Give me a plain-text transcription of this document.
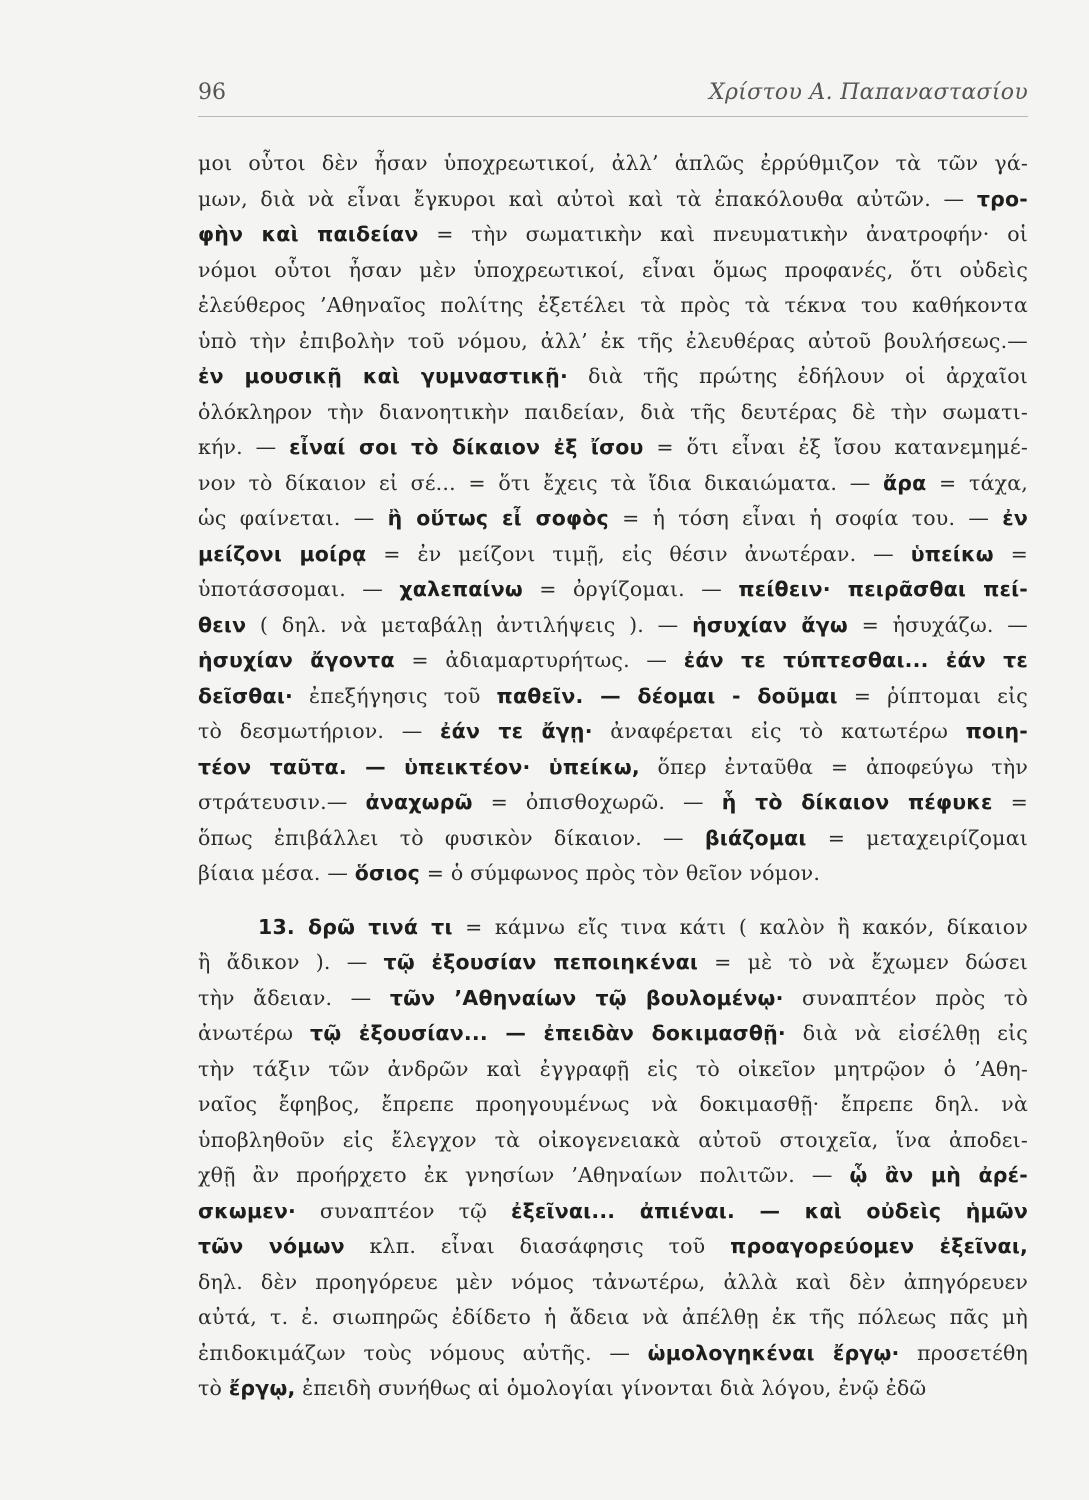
96	Χρίστου Α. Παπαναστασίου
μοι οὗτοι δὲν ἦσαν ὑποχρεωτικοί, ἀλλ’ ἁπλῶς ἐρρύθμιζον τὰ τῶν γά-
μων, διὰ νὰ εἶναι ἔγκυροι καὶ αὐτοὶ καὶ τὰ ἐπακόλουθα αὐτῶν. — τρο-
φὴν καὶ παιδείαν = τὴν σωματικὴν καὶ πνευματικὴν ἀνατροφήν· οἱ
νόμοι οὗτοι ἦσαν μὲν ὑποχρεωτικοί, εἶναι ὅμως προφανές, ὅτι οὐδεὶς
ἐλεύθερος ’Αθηναῖος πολίτης ἐξετέλει τὰ πρὸς τὰ τέκνα του καθήκοντα
ὑπὸ τὴν ἐπιβολὴν τοῦ νόμου, ἀλλ’ ἐκ τῆς ἐλευθέρας αὐτοῦ βουλήσεως.—
ἐν μουσικῇ καὶ γυμναστικῇ· διὰ τῆς πρώτης ἐδήλουν οἱ ἀρχαῖοι
ὁλόκληρον τὴν διανοητικὴν παιδείαν, διὰ τῆς δευτέρας δὲ τὴν σωματι-
κήν. — εἶναί σοι τὸ δίκαιον ἐξ ἴσου = ὅτι εἶναι ἐξ ἴσου κατανεμημέ-
νον τὸ δίκαιον εἰ σέ... = ὅτι ἔχεις τὰ ἴδια δικαιώματα. — ἄρα = τάχα,
ὡς φαίνεται. — ἢ οὕτως εἶ σοφὸς = ἡ τόση εἶναι ἡ σοφία του. — ἐν
μείζονι μοίρᾳ = ἐν μείζονι τιμῇ, εἰς θέσιν ἀνωτέραν. — ὑπείκω =
ὑποτάσσομαι. — χαλεπαίνω = ὀργίζομαι. — πείθειν· πειρᾶσθαι πεί-
θειν ( δηλ. νὰ μεταβάλῃ ἀντιλήψεις ). — ἡσυχίαν ἄγω = ἡσυχάζω. —
ἡσυχίαν ἄγοντα = ἀδιαμαρτυρήτως. — ἐάν τε τύπτεσθαι... ἐάν τε
δεῖσθαι· ἐπεξήγησις τοῦ παθεῖν. — δέομαι - δοῦμαι = ῥίπτομαι εἰς
τὸ δεσμωτήριον. — ἐάν τε ἄγῃ· ἀναφέρεται εἰς τὸ κατωτέρω ποιη-
τέον ταῦτα. — ὑπεικτέον· ὑπείκω, ὅπερ ἐνταῦθα = ἀποφεύγω τὴν
στράτευσιν.— ἀναχωρῶ = ὀπισθοχωρῶ. — ἧ τὸ δίκαιον πέφυκε =
ὅπως ἐπιβάλλει τὸ φυσικὸν δίκαιον. — βιάζομαι = μεταχειρίζομαι
βίαια μέσα. — ὅσιος = ὁ σύμφωνος πρὸς τὸν θεῖον νόμον.
13. δρῶ τινά τι = κάμνω εἴς τινα κάτι ( καλὸν ἢ κακόν, δίκαιον
ἢ ἄδικον ). — τῷ ἐξουσίαν πεποιηκέναι = μὲ τὸ νὰ ἔχωμεν δώσει
τὴν ἄδειαν. — τῶν ’Αθηναίων τῷ βουλομένῳ· συναπτέον πρὸς τὸ
ἀνωτέρω τῷ ἐξουσίαν... — ἐπειδὰν δοκιμασθῇ· διὰ νὰ εἰσέλθῃ εἰς
τὴν τάξιν τῶν ἀνδρῶν καὶ ἐγγραφῇ εἰς τὸ οἰκεῖον μητρῷον ὁ ’Αθη-
ναῖος ἔφηβος, ἔπρεπε προηγουμένως νὰ δοκιμασθῇ· ἔπρεπε δηλ. νὰ
ὑποβληθοῦν εἰς ἔλεγχον τὰ οἰκογενειακὰ αὐτοῦ στοιχεῖα, ἵνα ἀποδει-
χθῇ ἂν προήρχετο ἐκ γνησίων ’Αθηναίων πολιτῶν. — ᾧ ἂν μὴ ἀρέ-
σκωμεν· συναπτέον τῷ ἐξεῖναι... ἀπιέναι. — καὶ οὐδεὶς ἡμῶν
τῶν νόμων κλπ. εἶναι διασάφησις τοῦ προαγορεύομεν ἐξεῖναι,
δηλ. δὲν προηγόρευε μὲν νόμος τἀνωτέρω, ἀλλὰ καὶ δὲν ἀπηγόρευεν
αὐτά, τ. ἐ. σιωπηρῶς ἐδίδετο ἡ ἄδεια νὰ ἀπέλθῃ ἐκ τῆς πόλεως πᾶς μὴ
ἐπιδοκιμάζων τοὺς νόμους αὐτῆς. — ὡμολογηκέναι ἔργῳ· προσετέθη
τὸ ἔργῳ, ἐπειδὴ συνήθως αἱ ὁμολογίαι γίνονται διὰ λόγου, ἐνῷ ἐδῶ
